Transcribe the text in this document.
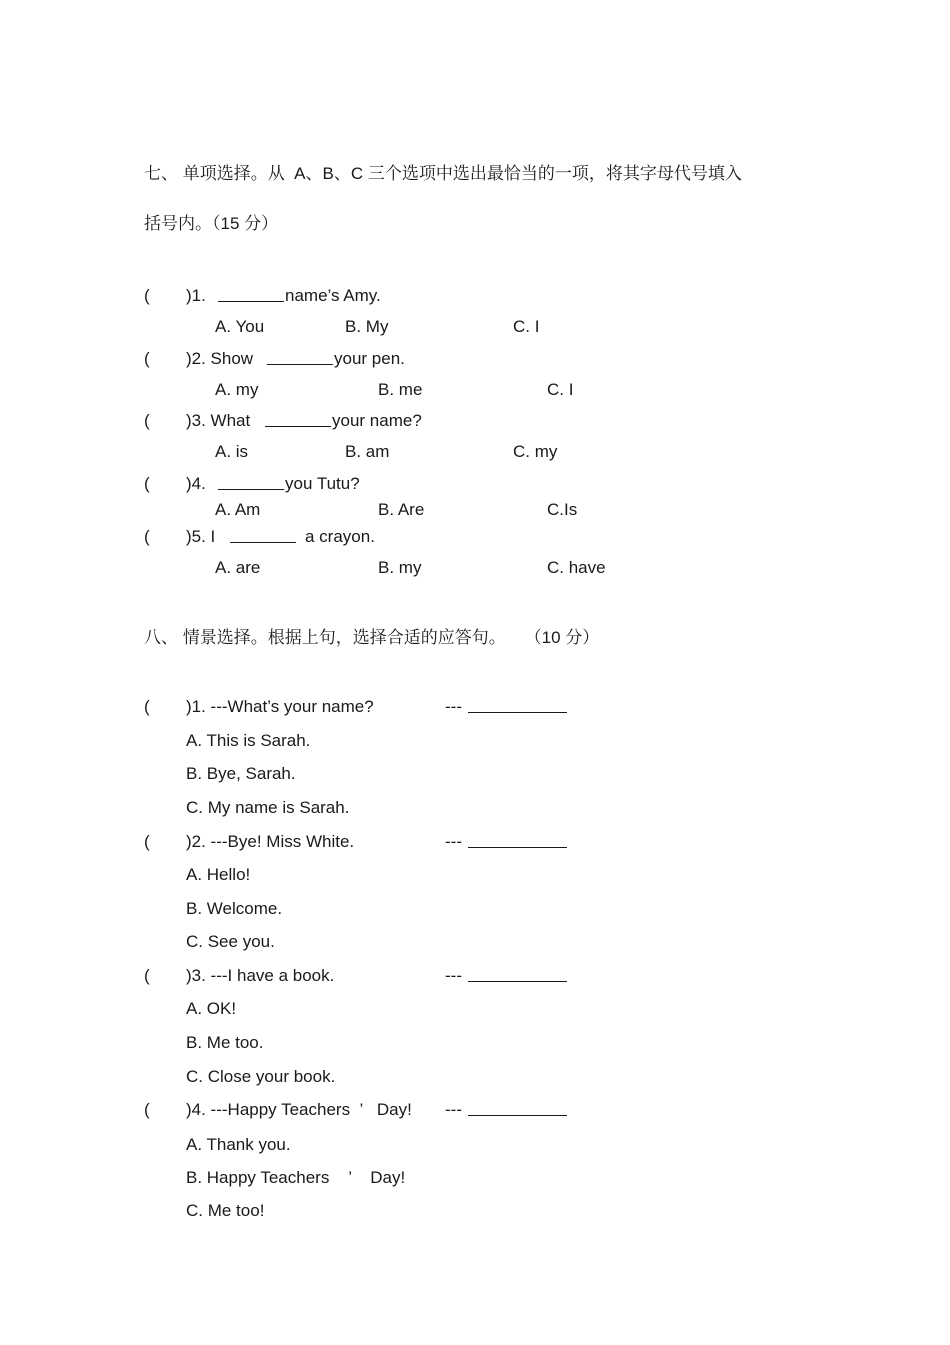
七、 单项选择。从  A、B、C 三个选项中选出最恰当的一项，将其字母代号填入
括号内。（15 分）
( )1.	name’s Amy.
A. You	B. My	C. I
( )2. Show	your pen.
A. my	B. me	C. I
( )3. What	your name?
A. is	B. am	C. my
( )4.	you Tutu?
A. Am	B. Are	C.Is
( )5. I	a crayon.
A. are	B. my	C. have
八、 情景选择。根据上句，选择合适的应答句。    （10 分）
( )1. ---What’s your name?	---
A. This is Sarah.
B. Bye, Sarah.
C. My name is Sarah.
( )2. ---Bye! Miss White.	---
A. Hello!
B. Welcome.
C. See you.
( )3. ---I have a book.	---
A. OK!
B. Me too.
C. Close your book.
( )4. ---Happy Teachers  ’   Day! ---
A. Thank you.
B. Happy Teachers    ’    Day!
C. Me too!
